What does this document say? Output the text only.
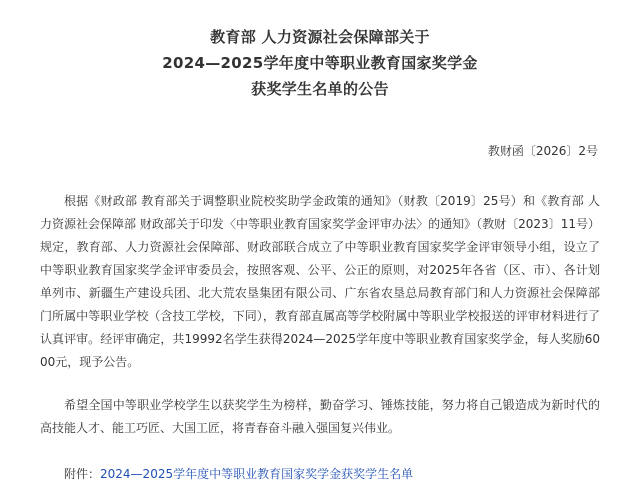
教育部 人力资源社会保障部关于
2024—2025学年度中等职业教育国家奖学金
获奖学生名单的公告
教财函〔2026〕2号

根据《财政部 教育部关于调整职业院校奖助学金政策的通知》（财教〔2019〕25号）和《教育部 人力资源社会保障部 财政部关于印发〈中等职业教育国家奖学金评审办法〉的通知》（教财〔2023〕11号）规定，教育部、人力资源社会保障部、财政部联合成立了中等职业教育国家奖学金评审领导小组，设立了中等职业教育国家奖学金评审委员会，按照客观、公平、公正的原则，对2025年各省（区、市）、各计划单列市、新疆生产建设兵团、北大荒农垦集团有限公司、广东省农垦总局教育部门和人力资源社会保障部门所属中等职业学校（含技工学校，下同），教育部直属高等学校附属中等职业学校报送的评审材料进行了认真评审。经评审确定，共19992名学生获得2024—2025学年度中等职业教育国家奖学金，每人奖励6000元，现予公告。

希望全国中等职业学校学生以获奖学生为榜样，勤奋学习、锤炼技能，努力将自己锻造成为新时代的高技能人才、能工巧匠、大国工匠，将青春奋斗融入强国复兴伟业。

附件：2024—2025学年度中等职业教育国家奖学金获奖学生名单
